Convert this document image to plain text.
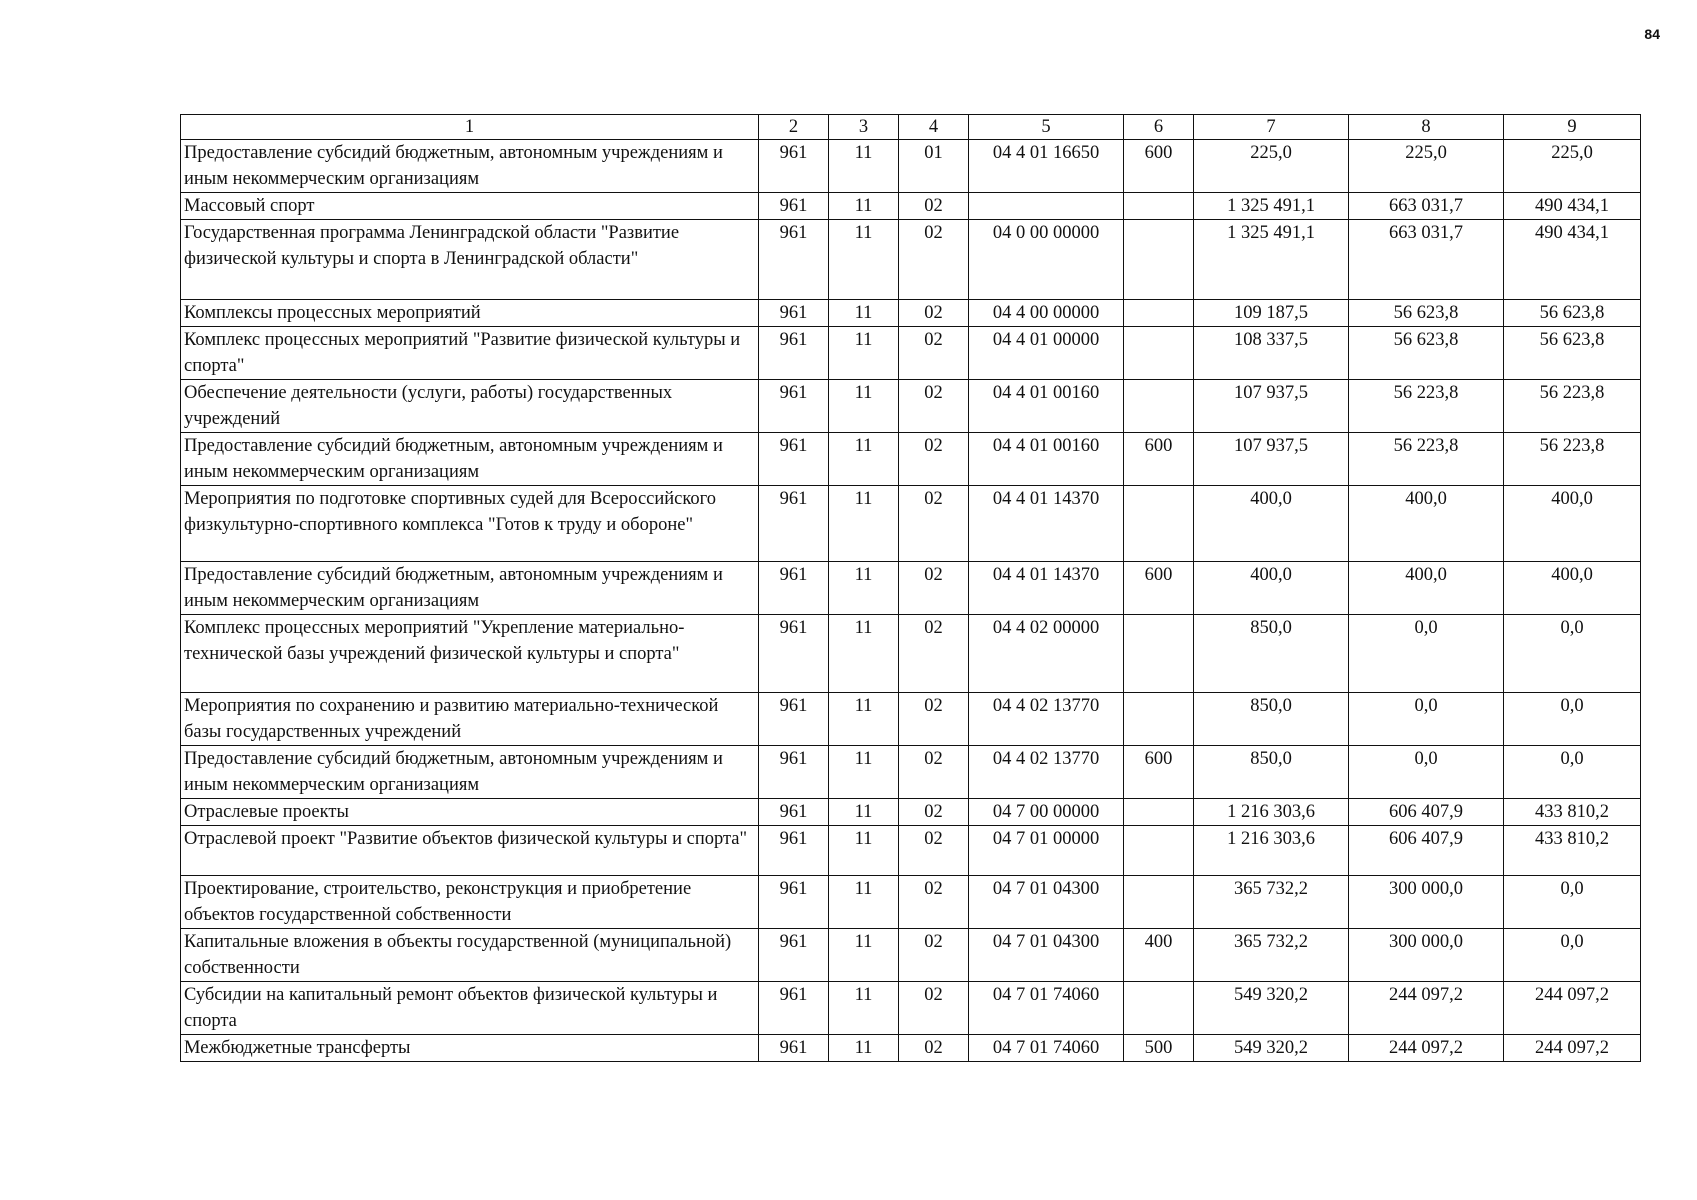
84
1	2	3	4	5	6	7	8	9
Предоставление субсидий бюджетным, автономным учреждениям и иным некоммерческим организациям	961	11	01	04 4 01 16650	600	225,0	225,0	225,0
Массовый спорт	961	11	02			1 325 491,1	663 031,7	490 434,1
Государственная программа Ленинградской области "Развитие физической культуры и спорта в Ленинградской области"	961	11	02	04 0 00 00000		1 325 491,1	663 031,7	490 434,1
Комплексы процессных мероприятий	961	11	02	04 4 00 00000		109 187,5	56 623,8	56 623,8
Комплекс процессных мероприятий "Развитие физической культуры и спорта"	961	11	02	04 4 01 00000		108 337,5	56 623,8	56 623,8
Обеспечение деятельности (услуги, работы) государственных учреждений	961	11	02	04 4 01 00160		107 937,5	56 223,8	56 223,8
Предоставление субсидий бюджетным, автономным учреждениям и иным некоммерческим организациям	961	11	02	04 4 01 00160	600	107 937,5	56 223,8	56 223,8
Мероприятия по подготовке спортивных судей для Всероссийского физкультурно-спортивного комплекса "Готов к труду и обороне"	961	11	02	04 4 01 14370		400,0	400,0	400,0
Предоставление субсидий бюджетным, автономным учреждениям и иным некоммерческим организациям	961	11	02	04 4 01 14370	600	400,0	400,0	400,0
Комплекс процессных мероприятий "Укрепление материально-технической базы учреждений физической культуры и спорта"	961	11	02	04 4 02 00000		850,0	0,0	0,0
Мероприятия по сохранению и развитию материально-технической базы государственных учреждений	961	11	02	04 4 02 13770		850,0	0,0	0,0
Предоставление субсидий бюджетным, автономным учреждениям и иным некоммерческим организациям	961	11	02	04 4 02 13770	600	850,0	0,0	0,0
Отраслевые проекты	961	11	02	04 7 00 00000		1 216 303,6	606 407,9	433 810,2
Отраслевой проект "Развитие объектов физической культуры и спорта"	961	11	02	04 7 01 00000		1 216 303,6	606 407,9	433 810,2
Проектирование, строительство, реконструкция и приобретение объектов государственной собственности	961	11	02	04 7 01 04300		365 732,2	300 000,0	0,0
Капитальные вложения в объекты государственной (муниципальной) собственности	961	11	02	04 7 01 04300	400	365 732,2	300 000,0	0,0
Субсидии на капитальный ремонт объектов физической культуры и спорта	961	11	02	04 7 01 74060		549 320,2	244 097,2	244 097,2
Межбюджетные трансферты	961	11	02	04 7 01 74060	500	549 320,2	244 097,2	244 097,2
